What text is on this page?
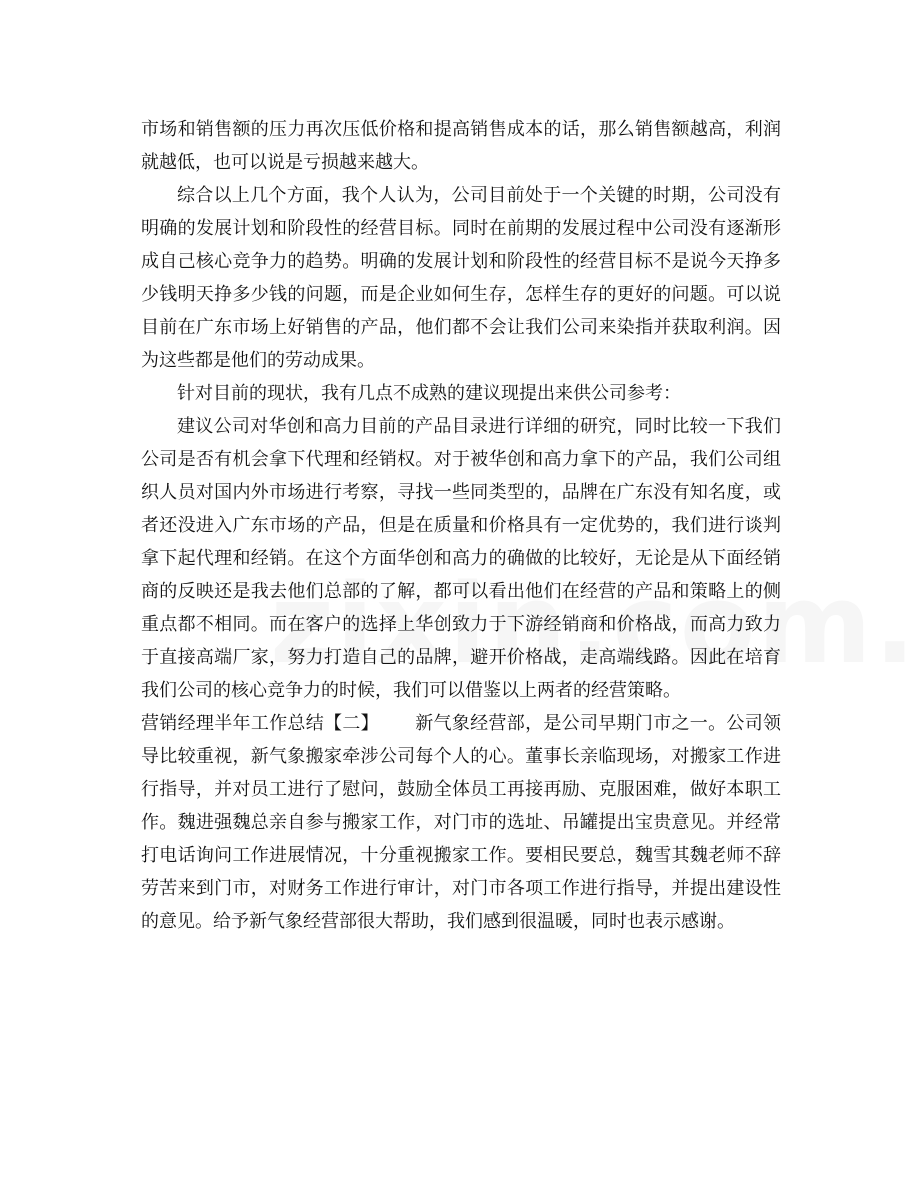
市场和销售额的压力再次压低价格和提高销售成本的话，那么销售额越高，利润就越低，也可以说是亏损越来越大。

综合以上几个方面，我个人认为，公司目前处于一个关键的时期，公司没有明确的发展计划和阶段性的经营目标。同时在前期的发展过程中公司没有逐渐形成自己核心竞争力的趋势。明确的发展计划和阶段性的经营目标不是说今天挣多少钱明天挣多少钱的问题，而是企业如何生存，怎样生存的更好的问题。可以说目前在广东市场上好销售的产品，他们都不会让我们公司来染指并获取利润。因为这些都是他们的劳动成果。

针对目前的现状，我有几点不成熟的建议现提出来供公司参考：

建议公司对华创和高力目前的产品目录进行详细的研究，同时比较一下我们公司是否有机会拿下代理和经销权。对于被华创和高力拿下的产品，我们公司组织人员对国内外市场进行考察，寻找一些同类型的，品牌在广东没有知名度，或者还没进入广东市场的产品，但是在质量和价格具有一定优势的，我们进行谈判拿下起代理和经销。在这个方面华创和高力的确做的比较好，无论是从下面经销商的反映还是我去他们总部的了解，都可以看出他们在经营的产品和策略上的侧重点都不相同。而在客户的选择上华创致力于下游经销商和价格战，而高力致力于直接高端厂家，努力打造自己的品牌，避开价格战，走高端线路。因此在培育我们公司的核心竞争力的时候，我们可以借鉴以上两者的经营策略。

营销经理半年工作总结【二】 新气象经营部，是公司早期门市之一。公司领导比较重视，新气象搬家牵涉公司每个人的心。董事长亲临现场，对搬家工作进行指导，并对员工进行了慰问，鼓励全体员工再接再励、克服困难，做好本职工作。魏进强魏总亲自参与搬家工作，对门市的选址、吊罐提出宝贵意见。并经常打电话询问工作进展情况，十分重视搬家工作。要相民要总，魏雪其魏老师不辞劳苦来到门市，对财务工作进行审计，对门市各项工作进行指导，并提出建设性的意见。给予新气象经营部很大帮助，我们感到很温暖，同时也表示感谢。
